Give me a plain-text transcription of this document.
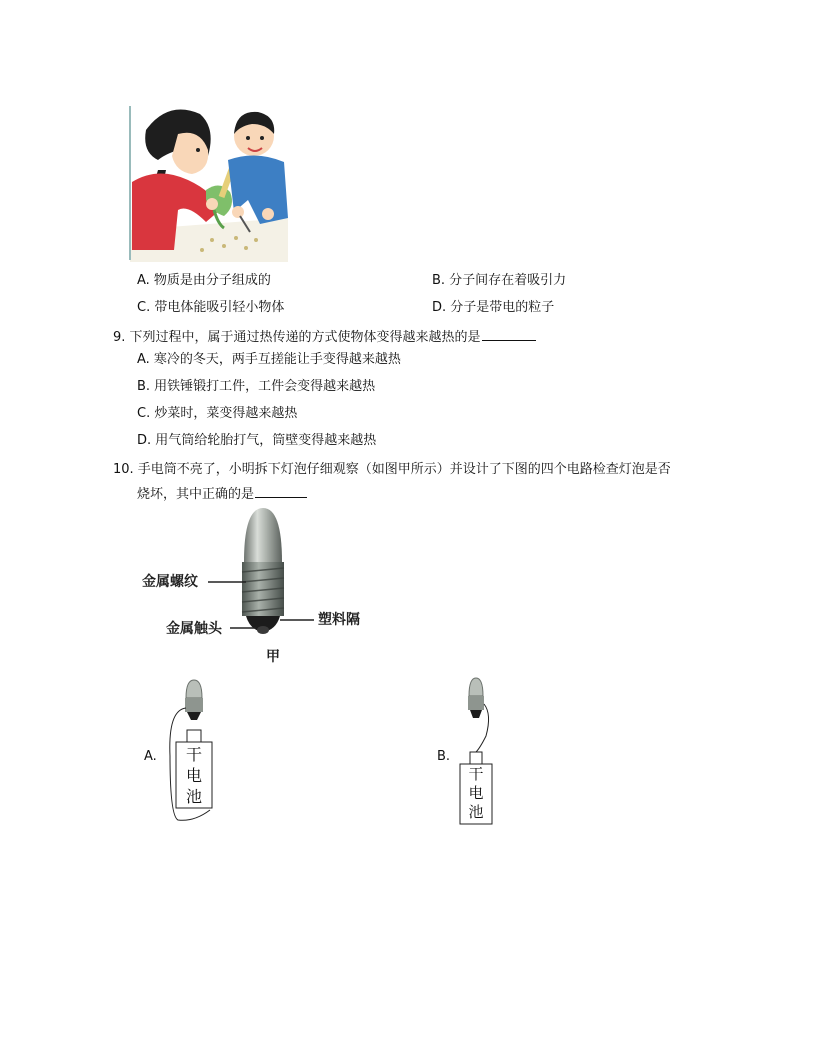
A. 物质是由分子组成的	B. 分子间存在着吸引力
C. 带电体能吸引轻小物体	D. 分子是带电的粒子
9. 下列过程中，属于通过热传递的方式使物体变得越来越热的是
A. 寒冷的冬天，两手互搓能让手变得越来越热
B. 用铁锤锻打工件，工件会变得越来越热
C. 炒菜时，菜变得越来越热
D. 用气筒给轮胎打气，筒壁变得越来越热
10. 手电筒不亮了，小明拆下灯泡仔细观察（如图甲所示）并设计了下图的四个电路检查灯泡是否
烧坏，其中正确的是
金属螺纹
金属触头
塑料隔
甲
A.	干
电
池
B.
干
电
池
